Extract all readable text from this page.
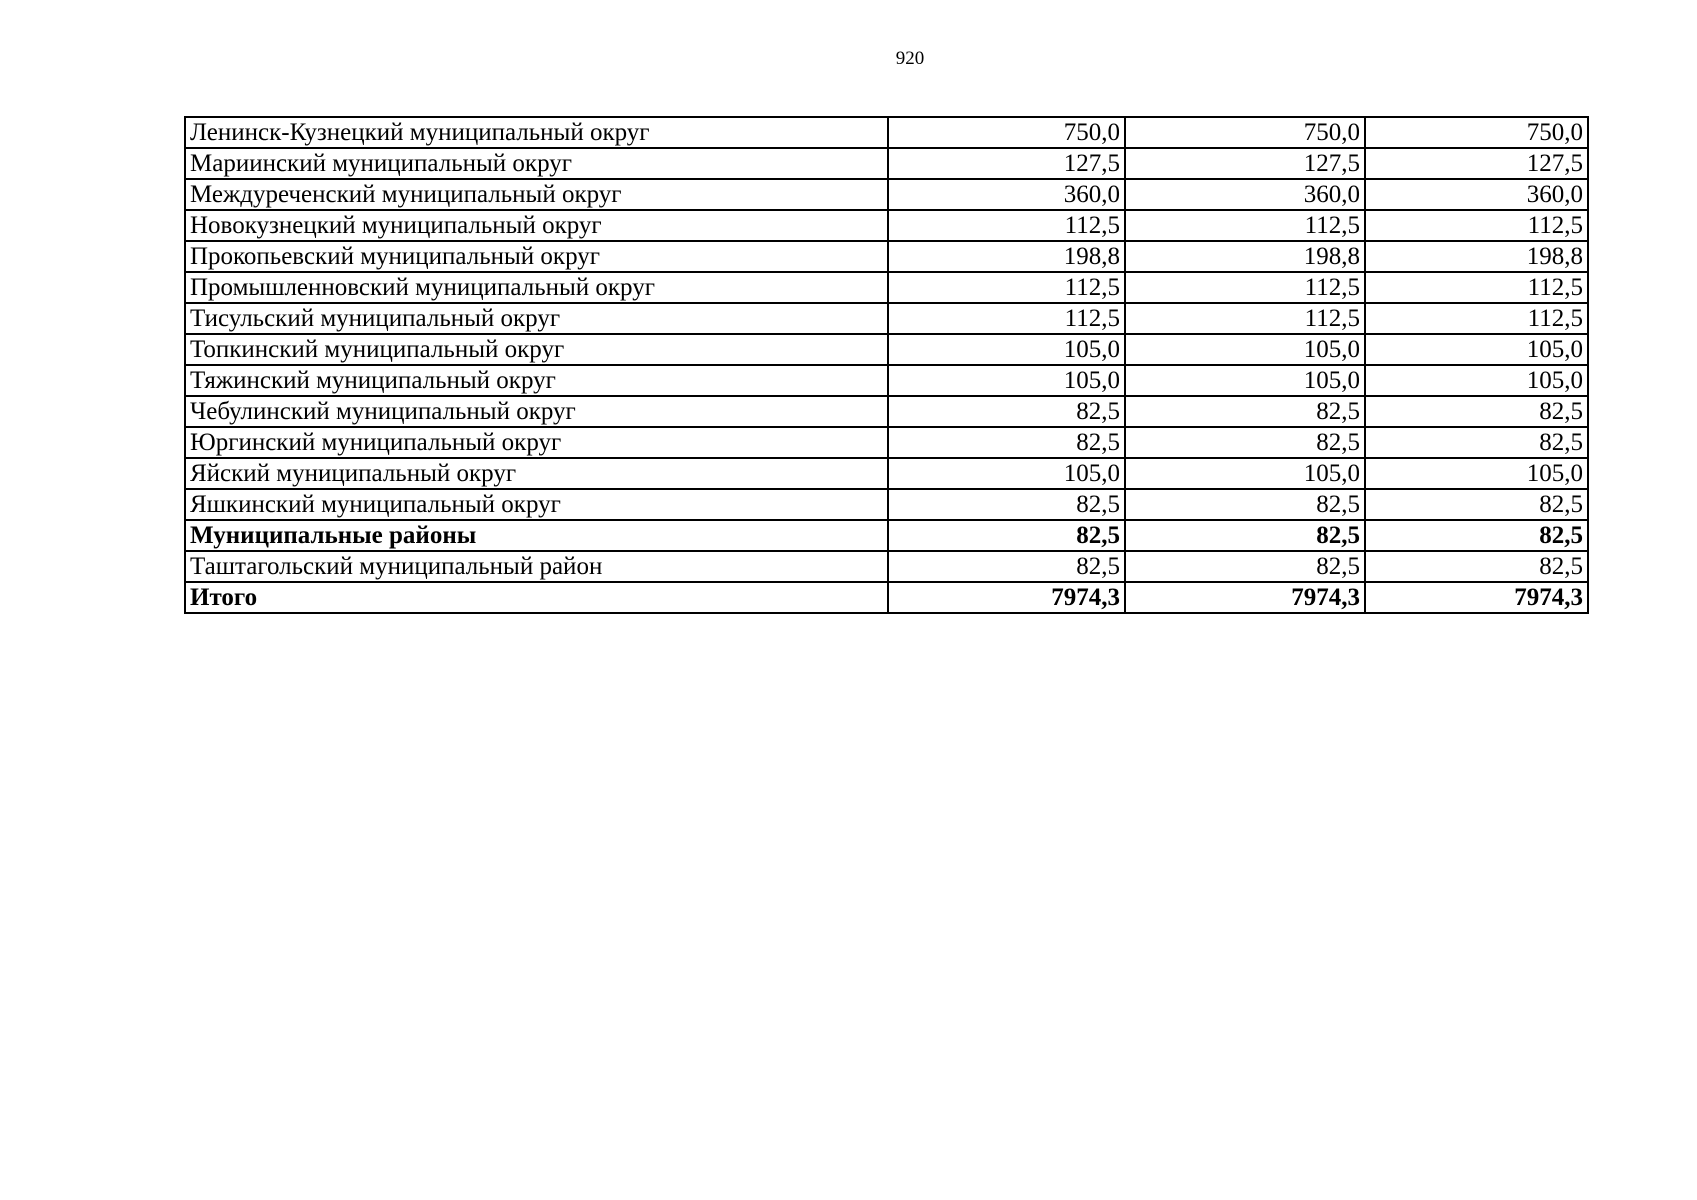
920
Ленинск-Кузнецкий муниципальный округ	750,0	750,0	750,0
Мариинский муниципальный округ	127,5	127,5	127,5
Междуреченский муниципальный округ	360,0	360,0	360,0
Новокузнецкий муниципальный округ	112,5	112,5	112,5
Прокопьевский муниципальный округ	198,8	198,8	198,8
Промышленновский муниципальный округ	112,5	112,5	112,5
Тисульский муниципальный округ	112,5	112,5	112,5
Топкинский муниципальный округ	105,0	105,0	105,0
Тяжинский муниципальный округ	105,0	105,0	105,0
Чебулинский муниципальный округ	82,5	82,5	82,5
Юргинский муниципальный округ	82,5	82,5	82,5
Яйский муниципальный округ	105,0	105,0	105,0
Яшкинский муниципальный округ	82,5	82,5	82,5
Муниципальные районы	82,5	82,5	82,5
Таштагольский муниципальный район	82,5	82,5	82,5
Итого	7974,3	7974,3	7974,3
